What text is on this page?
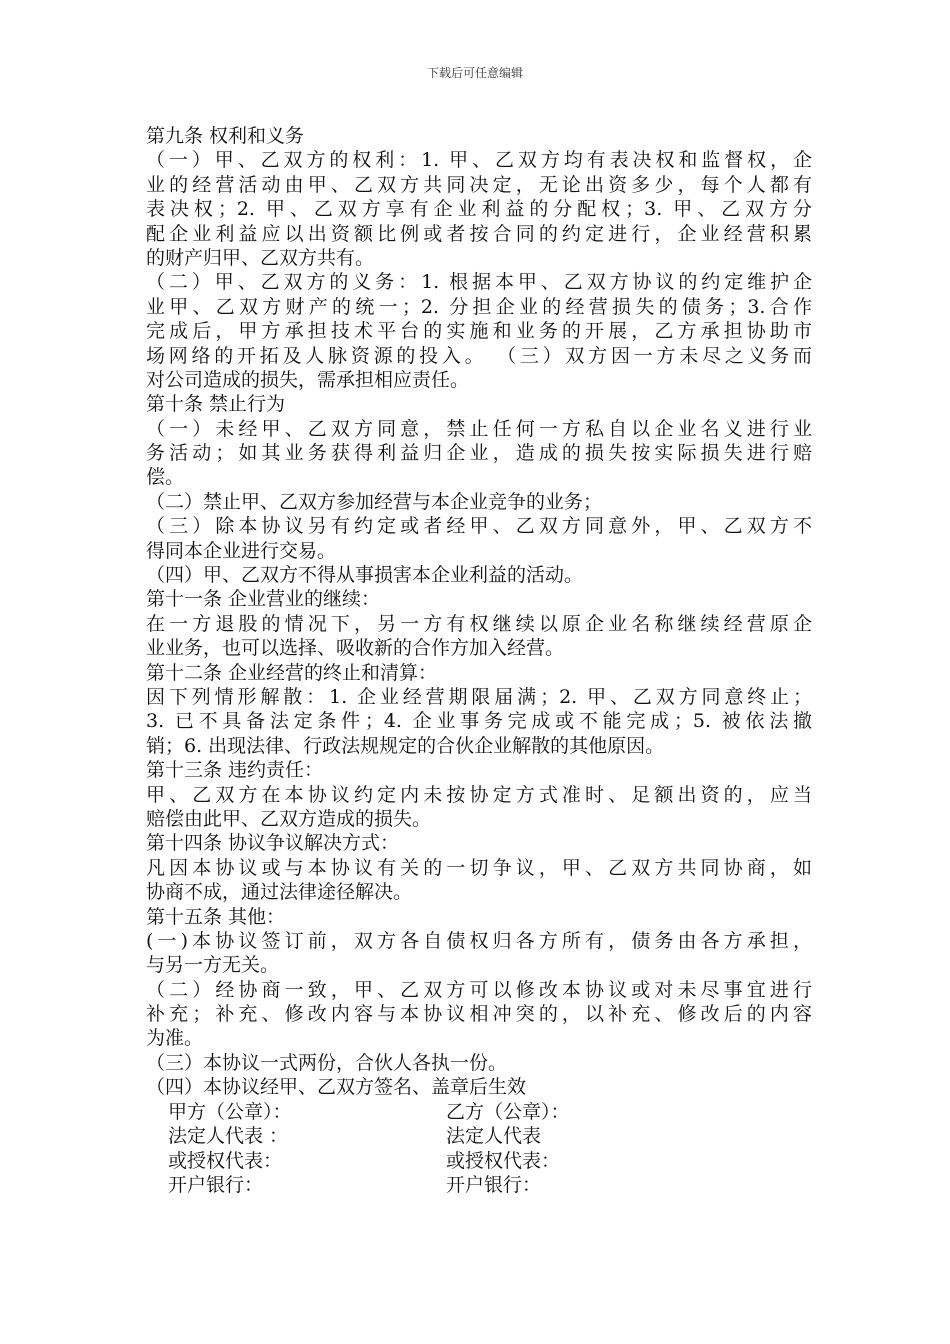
下载后可任意编辑
第九条 权利和义务
（一）甲、乙双方的权利：1. 甲、乙双方均有表决权和监督权，企
业的经营活动由甲、乙双方共同决定，无论出资多少，每个人都有
表决权；2. 甲、乙双方享有企业利益的分配权；3. 甲、乙双方分
配企业利益应以出资额比例或者按合同的约定进行，企业经营积累
的财产归甲、乙双方共有。
（二）甲、乙双方的义务：1. 根据本甲、乙双方协议的约定维护企
业甲、乙双方财产的统一；2. 分担企业的经营损失的债务；3.合作
完成后，甲方承担技术平台的实施和业务的开展，乙方承担协助市
场网络的开拓及人脉资源的投入。 （三）双方因一方未尽之义务而
对公司造成的损失，需承担相应责任。
第十条 禁止行为
（一）未经甲、乙双方同意，禁止任何一方私自以企业名义进行业
务活动；如其业务获得利益归企业，造成的损失按实际损失进行赔
偿。
（二）禁止甲、乙双方参加经营与本企业竞争的业务；
（三）除本协议另有约定或者经甲、乙双方同意外，甲、乙双方不
得同本企业进行交易。
（四）甲、乙双方不得从事损害本企业利益的活动。
第十一条 企业营业的继续：
在一方退股的情况下，另一方有权继续以原企业名称继续经营原企
业业务，也可以选择、吸收新的合作方加入经营。
第十二条 企业经营的终止和清算：
因下列情形解散：1. 企业经营期限届满；2. 甲、乙双方同意终止；
3. 已不具备法定条件；4. 企业事务完成或不能完成；5. 被依法撤
销；6. 出现法律、行政法规规定的合伙企业解散的其他原因。
第十三条 违约责任：
甲、乙双方在本协议约定内未按协定方式准时、足额出资的，应当
赔偿由此甲、乙双方造成的损失。
第十四条 协议争议解决方式：
凡因本协议或与本协议有关的一切争议，甲、乙双方共同协商，如
协商不成，通过法律途径解决。
第十五条 其他：
(一)本协议签订前，双方各自债权归各方所有，债务由各方承担，
与另一方无关。
（二）经协商一致，甲、乙双方可以修改本协议或对未尽事宜进行
补充；补充、修改内容与本协议相冲突的，以补充、修改后的内容
为准。
（三）本协议一式两份，合伙人各执一份。
（四）本协议经甲、乙双方签名、盖章后生效
甲方（公章）：	乙方（公章）：
法定人代表 ：	法定人代表
或授权代表：	或授权代表：
开户银行：	开户银行：
